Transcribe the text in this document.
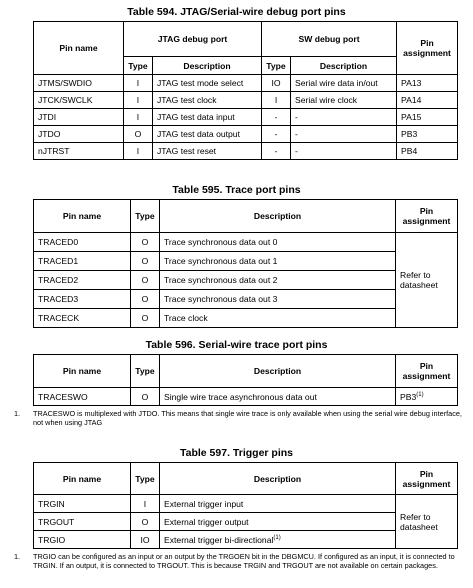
Table 594. JTAG/Serial-wire debug port pins
Pin name	JTAG debug port		SW debug port		Pin assignment
	Type	Description	Type	Description	
JTMS/SWDIO	I	JTAG test mode select	IO	Serial wire data in/out	PA13
JTCK/SWCLK	I	JTAG test clock	I	Serial wire clock	PA14
JTDI	I	JTAG test data input	-	-	PA15
JTDO	O	JTAG test data output	-	-	PB3
nJTRST	I	JTAG test reset	-	-	PB4
Table 595. Trace port pins
Pin name	Type	Description	Pin assignment
TRACED0	O	Trace synchronous data out 0	Refer to datasheet
TRACED1	O	Trace synchronous data out 1	
TRACED2	O	Trace synchronous data out 2	
TRACED3	O	Trace synchronous data out 3	
TRACECK	O	Trace clock	
Table 596. Serial-wire trace port pins
Pin name	Type	Description	Pin assignment
TRACESWO	O	Single wire trace asynchronous data out	PB3$^{(1)}$
1.	TRACESWO is multiplexed with JTDO. This means that single wire trace is only available when using the serial wire debug interface, not when using JTAG
Table 597. Trigger pins
Pin name	Type	Description	Pin assignment
TRGIN	I	External trigger input	Refer to datasheet
TRGOUT	O	External trigger output	
TRGIO	IO	External trigger bi-directional$^{(1)}$
1.	TRGIO can be configured as an input or an output by the TRGOEN bit in the DBGMCU. If configured as an input, it is connected to TRGIN. If an output, it is connected to TRGOUT. This is because TRGIN and TRGOUT are not available on certain packages.
